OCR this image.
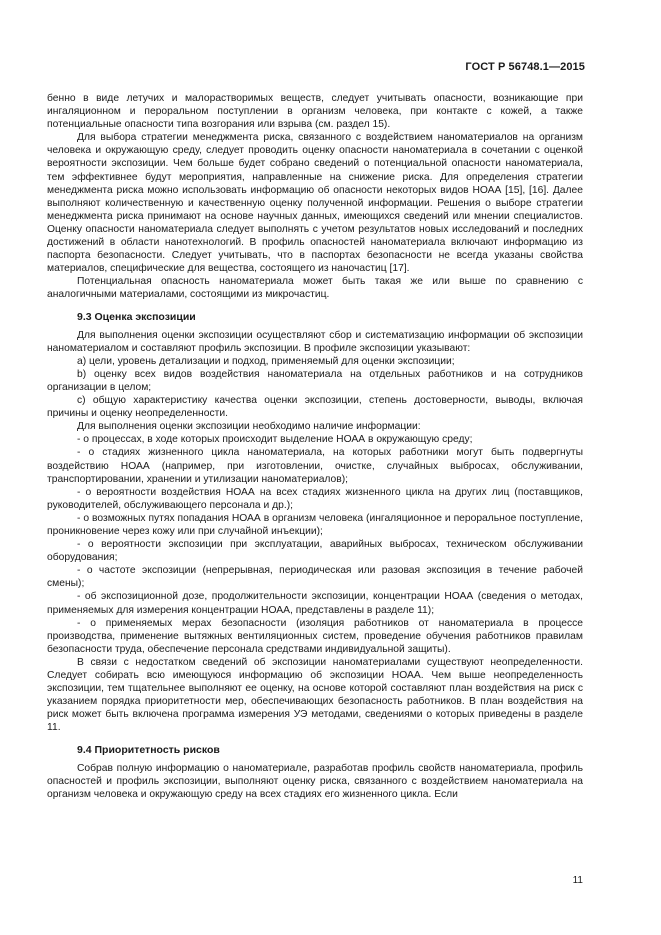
ГОСТ Р 56748.1—2015

бенно в виде летучих и малорастворимых веществ, следует учитывать опасности, возникающие при ингаляционном и пероральном поступлении в организм человека, при контакте с кожей, а также потенциальные опасности типа возгорания или взрыва (см. раздел 15).

Для выбора стратегии менеджмента риска, связанного с воздействием наноматериалов на организм человека и окружающую среду, следует проводить оценку опасности наноматериала в сочетании с оценкой вероятности экспозиции. Чем больше будет собрано сведений о потенциальной опасности наноматериала, тем эффективнее будут мероприятия, направленные на снижение риска. Для определения стратегии менеджмента риска можно использовать информацию об опасности некоторых видов НОАА [15], [16]. Далее выполняют количественную и качественную оценку полученной информации. Решения о выборе стратегии менеджмента риска принимают на основе научных данных, имеющихся сведений или мнении специалистов. Оценку опасности наноматериала следует выполнять с учетом результатов новых исследований и последних достижений в области нанотехнологий. В профиль опасностей наноматериала включают информацию из паспорта безопасности. Следует учитывать, что в паспортах безопасности не всегда указаны свойства материалов, специфические для вещества, состоящего из наночастиц [17].

Потенциальная опасность наноматериала может быть такая же или выше по сравнению с аналогичными материалами, состоящими из микрочастиц.

9.3 Оценка экспозиции

Для выполнения оценки экспозиции осуществляют сбор и систематизацию информации об экспозиции наноматериалом и составляют профиль экспозиции. В профиле экспозиции указывают:

а) цели, уровень детализации и подход, применяемый для оценки экспозиции;

b) оценку всех видов воздействия наноматериала на отдельных работников и на сотрудников организации в целом;

с) общую характеристику качества оценки экспозиции, степень достоверности, выводы, включая причины и оценку неопределенности.

Для выполнения оценки экспозиции необходимо наличие информации:

- о процессах, в ходе которых происходит выделение НОАА в окружающую среду;

- о стадиях жизненного цикла наноматериала, на которых работники могут быть подвергнуты воздействию НОАА (например, при изготовлении, очистке, случайных выбросах, обслуживании, транспортировании, хранении и утилизации наноматериалов);

- о вероятности воздействия НОАА на всех стадиях жизненного цикла на других лиц (поставщиков, руководителей, обслуживающего персонала и др.);

- о возможных путях попадания НОАА в организм человека (ингаляционное и пероральное поступление, проникновение через кожу или при случайной инъекции);

- о вероятности экспозиции при эксплуатации, аварийных выбросах, техническом обслуживании оборудования;

- о частоте экспозиции (непрерывная, периодическая или разовая экспозиция в течение рабочей смены);

- об экспозиционной дозе, продолжительности экспозиции, концентрации НОАА (сведения о методах, применяемых для измерения концентрации НОАА, представлены в разделе 11);

- о применяемых мерах безопасности (изоляция работников от наноматериала в процессе производства, применение вытяжных вентиляционных систем, проведение обучения работников правилам безопасности труда, обеспечение персонала средствами индивидуальной защиты).

В связи с недостатком сведений об экспозиции наноматериалами существуют неопределенности. Следует собирать всю имеющуюся информацию об экспозиции НОАА. Чем выше неопределенность экспозиции, тем тщательнее выполняют ее оценку, на основе которой составляют план воздействия на риск с указанием порядка приоритетности мер, обеспечивающих безопасность работников. В план воздействия на риск может быть включена программа измерения УЭ методами, сведениями о которых приведены в разделе 11.

9.4 Приоритетность рисков

Собрав полную информацию о наноматериале, разработав профиль свойств наноматериала, профиль опасностей и профиль экспозиции, выполняют оценку риска, связанного с воздействием наноматериала на организм человека и окружающую среду на всех стадиях его жизненного цикла. Если

11
